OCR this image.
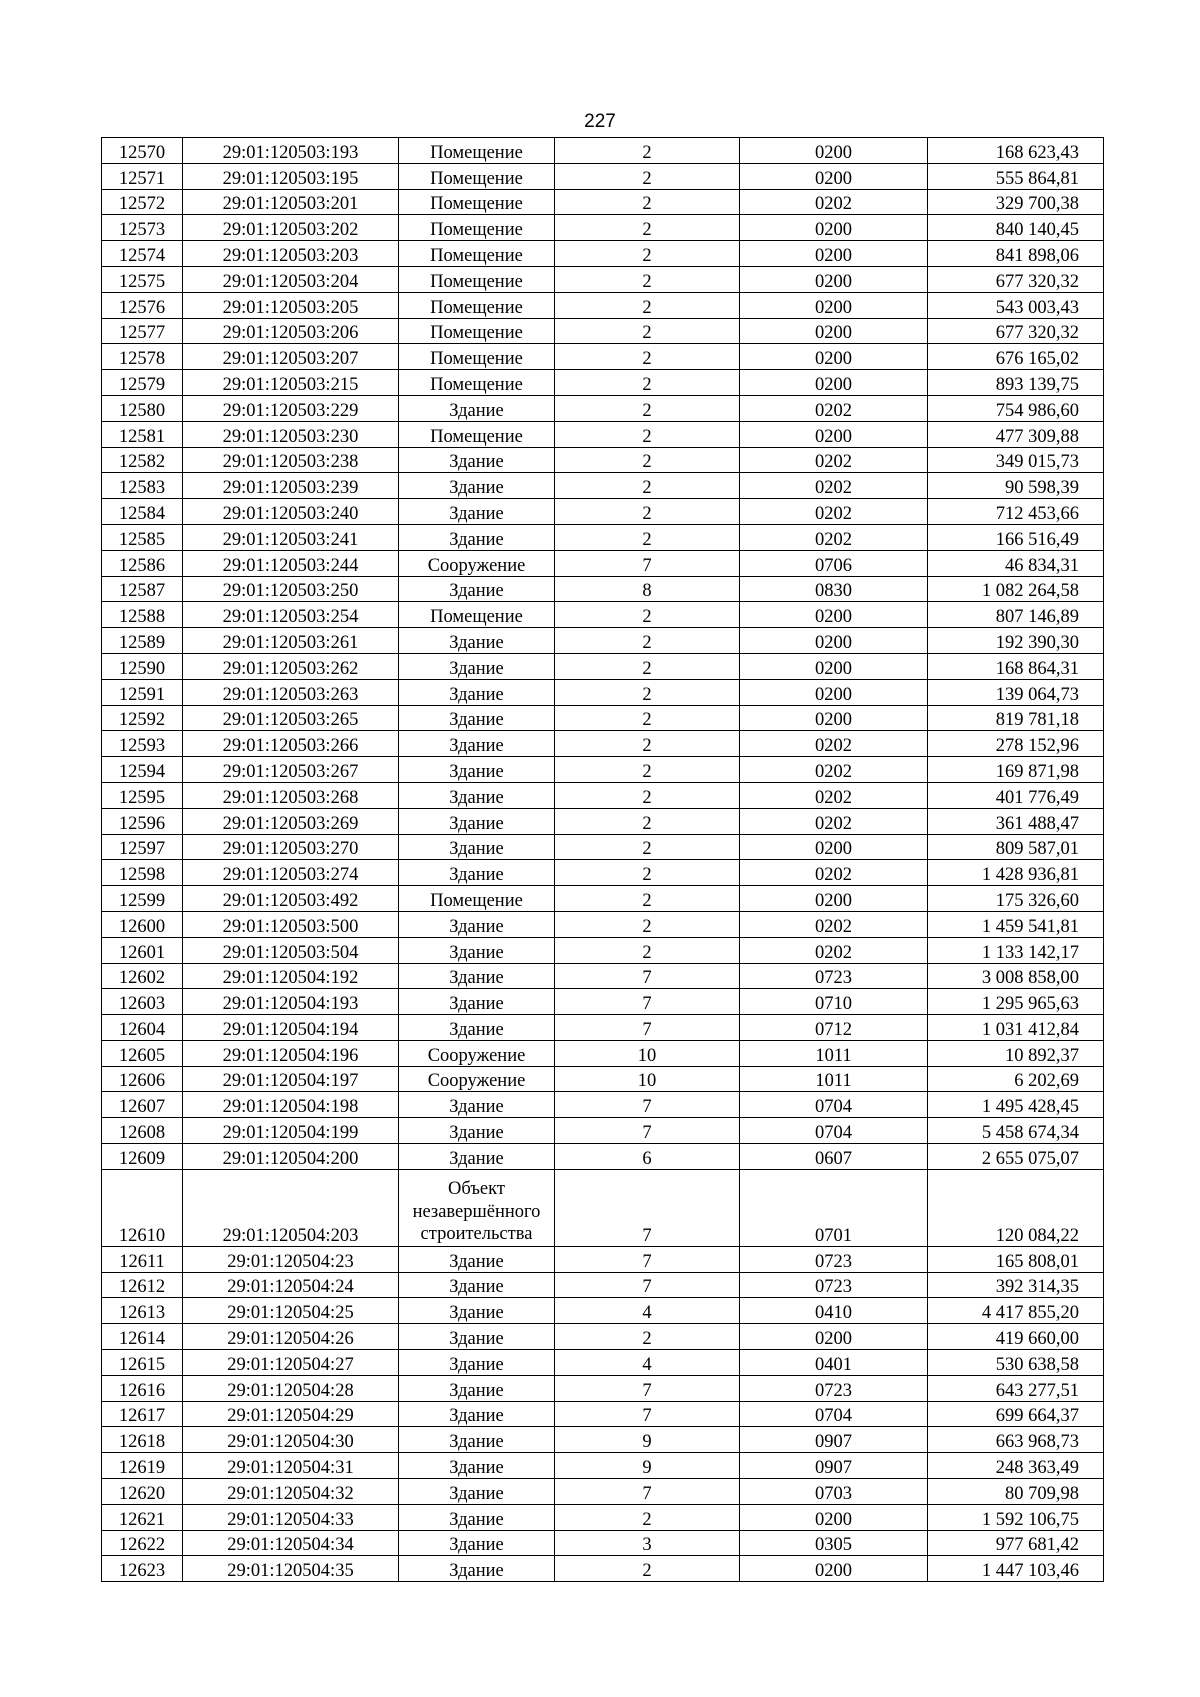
227
12570	29:01:120503:193	Помещение	2	0200	168 623,43
12571	29:01:120503:195	Помещение	2	0200	555 864,81
12572	29:01:120503:201	Помещение	2	0202	329 700,38
12573	29:01:120503:202	Помещение	2	0200	840 140,45
12574	29:01:120503:203	Помещение	2	0200	841 898,06
12575	29:01:120503:204	Помещение	2	0200	677 320,32
12576	29:01:120503:205	Помещение	2	0200	543 003,43
12577	29:01:120503:206	Помещение	2	0200	677 320,32
12578	29:01:120503:207	Помещение	2	0200	676 165,02
12579	29:01:120503:215	Помещение	2	0200	893 139,75
12580	29:01:120503:229	Здание	2	0202	754 986,60
12581	29:01:120503:230	Помещение	2	0200	477 309,88
12582	29:01:120503:238	Здание	2	0202	349 015,73
12583	29:01:120503:239	Здание	2	0202	90 598,39
12584	29:01:120503:240	Здание	2	0202	712 453,66
12585	29:01:120503:241	Здание	2	0202	166 516,49
12586	29:01:120503:244	Сооружение	7	0706	46 834,31
12587	29:01:120503:250	Здание	8	0830	1 082 264,58
12588	29:01:120503:254	Помещение	2	0200	807 146,89
12589	29:01:120503:261	Здание	2	0200	192 390,30
12590	29:01:120503:262	Здание	2	0200	168 864,31
12591	29:01:120503:263	Здание	2	0200	139 064,73
12592	29:01:120503:265	Здание	2	0200	819 781,18
12593	29:01:120503:266	Здание	2	0202	278 152,96
12594	29:01:120503:267	Здание	2	0202	169 871,98
12595	29:01:120503:268	Здание	2	0202	401 776,49
12596	29:01:120503:269	Здание	2	0202	361 488,47
12597	29:01:120503:270	Здание	2	0200	809 587,01
12598	29:01:120503:274	Здание	2	0202	1 428 936,81
12599	29:01:120503:492	Помещение	2	0200	175 326,60
12600	29:01:120503:500	Здание	2	0202	1 459 541,81
12601	29:01:120503:504	Здание	2	0202	1 133 142,17
12602	29:01:120504:192	Здание	7	0723	3 008 858,00
12603	29:01:120504:193	Здание	7	0710	1 295 965,63
12604	29:01:120504:194	Здание	7	0712	1 031 412,84
12605	29:01:120504:196	Сооружение	10	1011	10 892,37
12606	29:01:120504:197	Сооружение	10	1011	6 202,69
12607	29:01:120504:198	Здание	7	0704	1 495 428,45
12608	29:01:120504:199	Здание	7	0704	5 458 674,34
12609	29:01:120504:200	Здание	6	0607	2 655 075,07
12610	29:01:120504:203	Объект незавершённого строительства	7	0701	120 084,22
12611	29:01:120504:23	Здание	7	0723	165 808,01
12612	29:01:120504:24	Здание	7	0723	392 314,35
12613	29:01:120504:25	Здание	4	0410	4 417 855,20
12614	29:01:120504:26	Здание	2	0200	419 660,00
12615	29:01:120504:27	Здание	4	0401	530 638,58
12616	29:01:120504:28	Здание	7	0723	643 277,51
12617	29:01:120504:29	Здание	7	0704	699 664,37
12618	29:01:120504:30	Здание	9	0907	663 968,73
12619	29:01:120504:31	Здание	9	0907	248 363,49
12620	29:01:120504:32	Здание	7	0703	80 709,98
12621	29:01:120504:33	Здание	2	0200	1 592 106,75
12622	29:01:120504:34	Здание	3	0305	977 681,42
12623	29:01:120504:35	Здание	2	0200	1 447 103,46
